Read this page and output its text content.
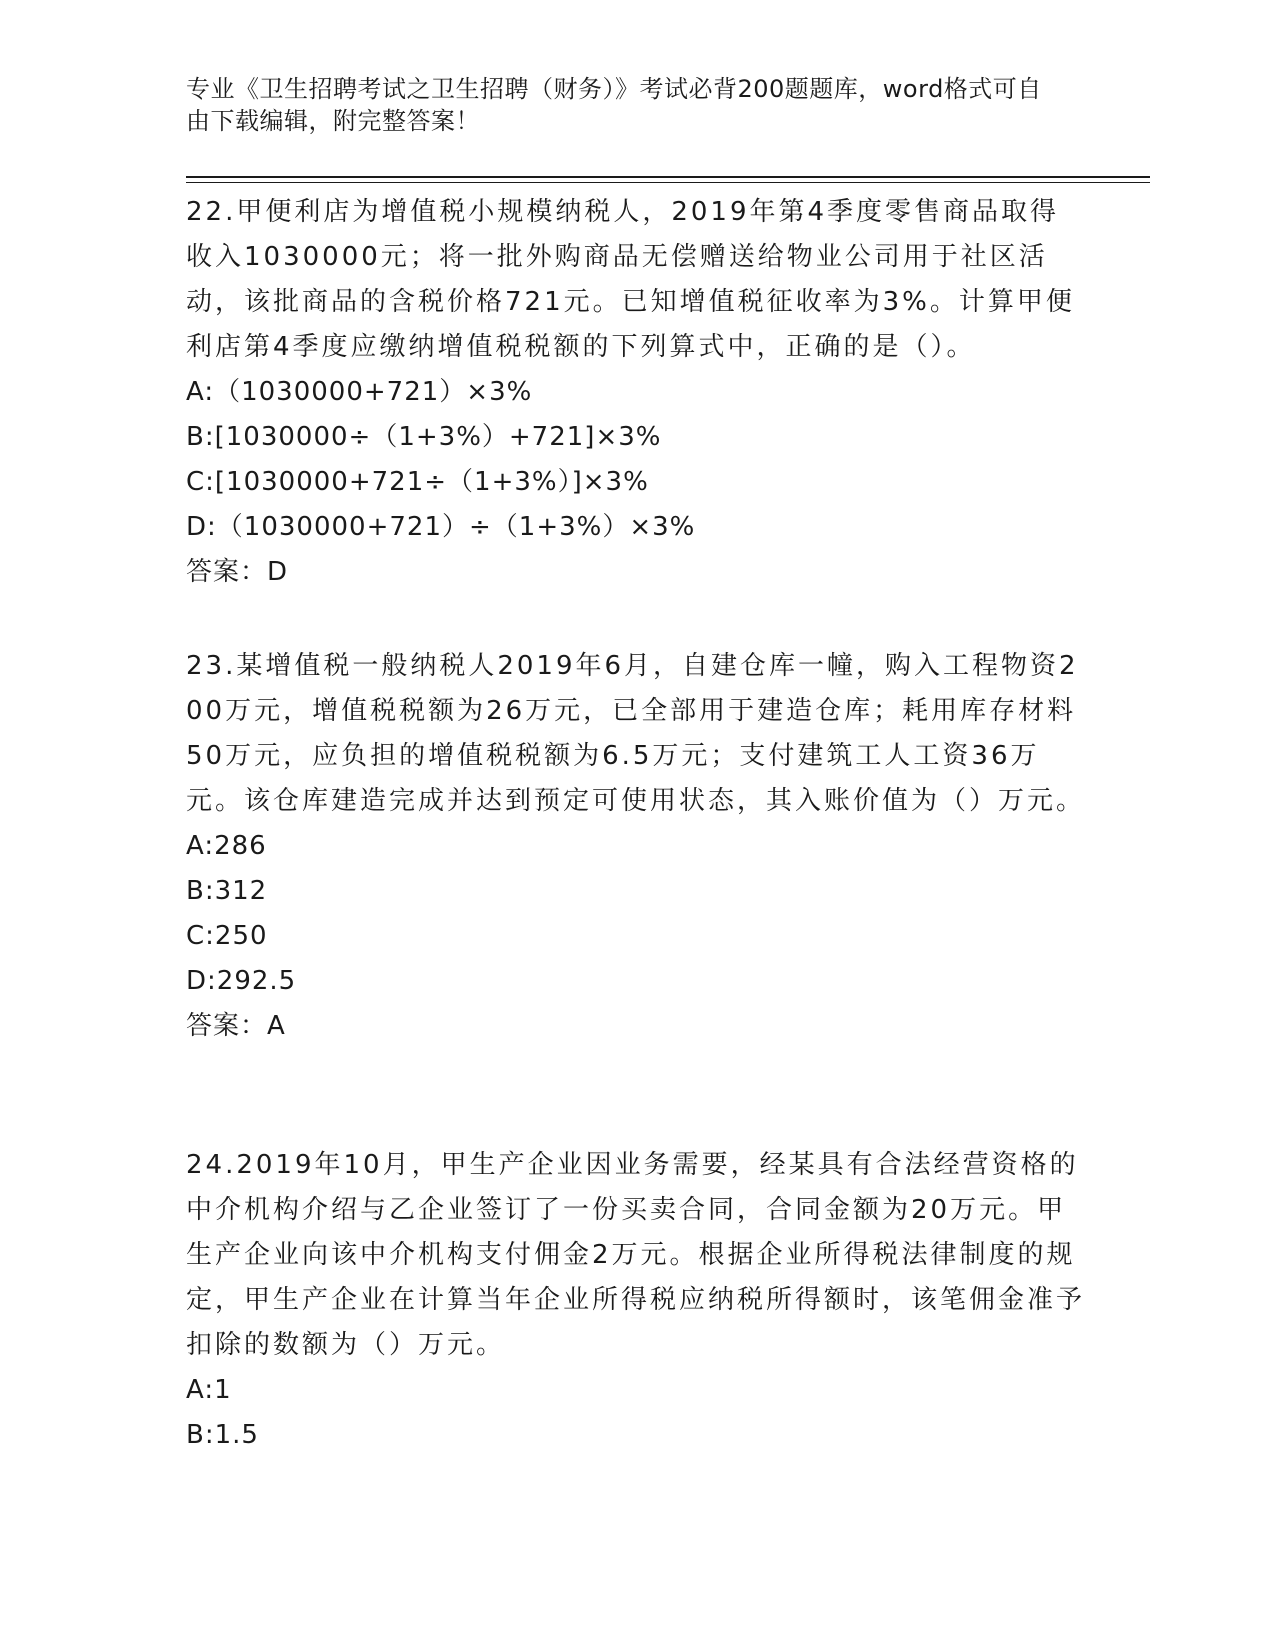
专业《卫生招聘考试之卫生招聘（财务）》考试必背200题题库，word格式可自由下载编辑，附完整答案！

22.甲便利店为增值税小规模纳税人，2019年第4季度零售商品取得收入1030000元；将一批外购商品无偿赠送给物业公司用于社区活动，该批商品的含税价格721元。已知增值税征收率为3%。计算甲便利店第4季度应缴纳增值税税额的下列算式中，正确的是（）。

A:（1030000+721）×3%

B:[1030000÷（1+3%）+721]×3%

C:[1030000+721÷（1+3%）]×3%

D:（1030000+721）÷（1+3%）×3%

答案：D

23.某增值税一般纳税人2019年6月，自建仓库一幢，购入工程物资200万元，增值税税额为26万元，已全部用于建造仓库；耗用库存材料50万元，应负担的增值税税额为6.5万元；支付建筑工人工资36万元。该仓库建造完成并达到预定可使用状态，其入账价值为（）万元。

A:286

B:312

C:250

D:292.5

答案：A

24.2019年10月，甲生产企业因业务需要，经某具有合法经营资格的中介机构介绍与乙企业签订了一份买卖合同，合同金额为20万元。甲生产企业向该中介机构支付佣金2万元。根据企业所得税法律制度的规定，甲生产企业在计算当年企业所得税应纳税所得额时，该笔佣金准予扣除的数额为（）万元。

A:1

B:1.5
